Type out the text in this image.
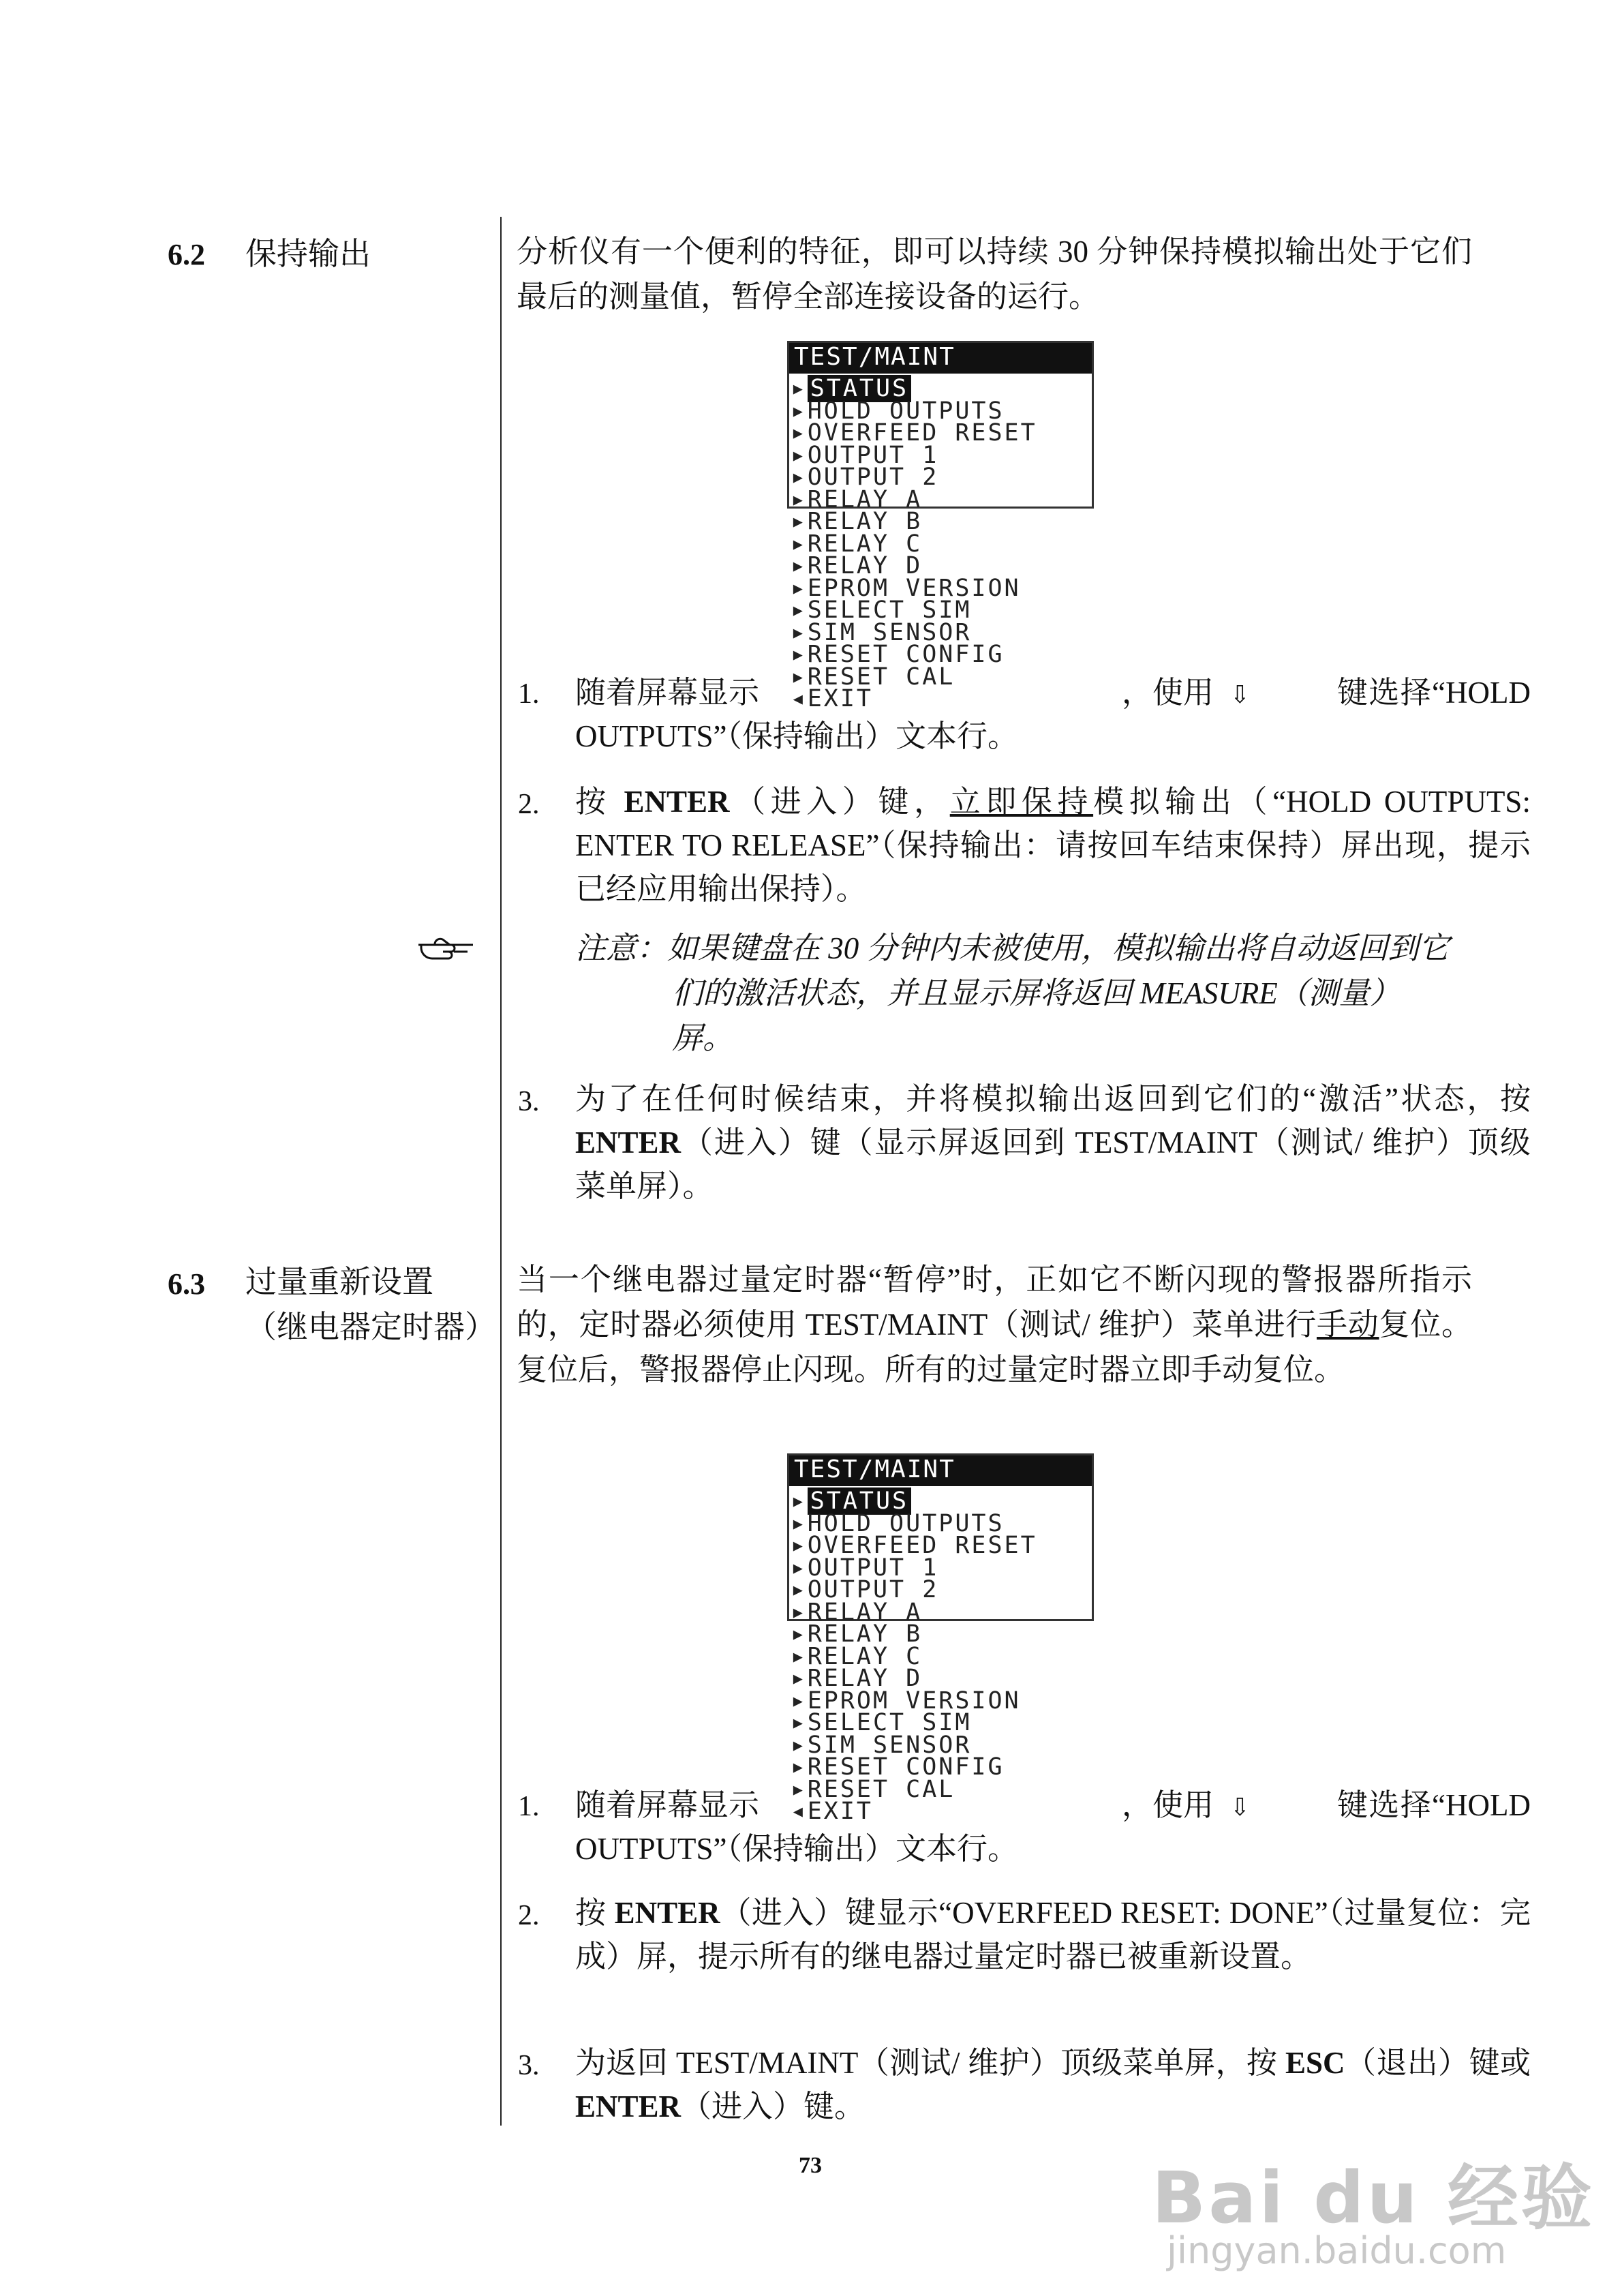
6.2 保持输出	分析仪有一个便利的特征，即可以持续 30 分钟保持模拟输出处于它们最后的测量值，暂停全部连接设备的运行。
TEST/MAINT
▸ STATUS
▸HOLD OUTPUTS
▸OVERFEED RESET
▸OUTPUT 1
▸OUTPUT 2
▸RELAY A
▸RELAY B
▸RELAY C
▸RELAY D
▸EPROM VERSION
▸SELECT SIM
▸SIM SENSOR
▸RESET CONFIG
▸RESET CAL
◂EXIT
1. 随着屏幕显示	，使用 ⇩	键选择“HOLD OUTPUTS”（保持输出）文本行。
2. 按 ENTER（进入）键，立即保持模拟输出（“HOLD OUTPUTS: ENTER TO RELEASE”（保持输出：请按回车结束保持）屏出现，提示已经应用输出保持）。
注意：如果键盘在 30 分钟内未被使用，模拟输出将自动返回到它们的激活状态，并且显示屏将返回 MEASURE（测量）屏。
3. 为了在任何时候结束，并将模拟输出返回到它们的“激活”状态，按 ENTER（进入）键（显示屏返回到 TEST/MAINT（测试/ 维护）顶级菜单屏）。
6.3 过量重新设置
（继电器定时器）
当一个继电器过量定时器“暂停”时，正如它不断闪现的警报器所指示的，定时器必须使用 TEST/MAINT（测试/ 维护）菜单进行手动复位。复位后，警报器停止闪现。所有的过量定时器立即手动复位。
TEST/MAINT
▸ STATUS
▸HOLD OUTPUTS
▸OVERFEED RESET
▸OUTPUT 1
▸OUTPUT 2
▸RELAY A
▸RELAY B
▸RELAY C
▸RELAY D
▸EPROM VERSION
▸SELECT SIM
▸SIM SENSOR
▸RESET CONFIG
▸RESET CAL
◂EXIT
1. 随着屏幕显示	，使用 ⇩	键选择“HOLD OUTPUTS”（保持输出）文本行。
2. 按 ENTER（进入）键显示“OVERFEED RESET: DONE”（过量复位：完成）屏，提示所有的继电器过量定时器已被重新设置。
3. 为返回 TEST/MAINT（测试/ 维护）顶级菜单屏，按 ESC（退出）键或 ENTER（进入）键。
73	Bai du 经验
jingyan.baidu.com
